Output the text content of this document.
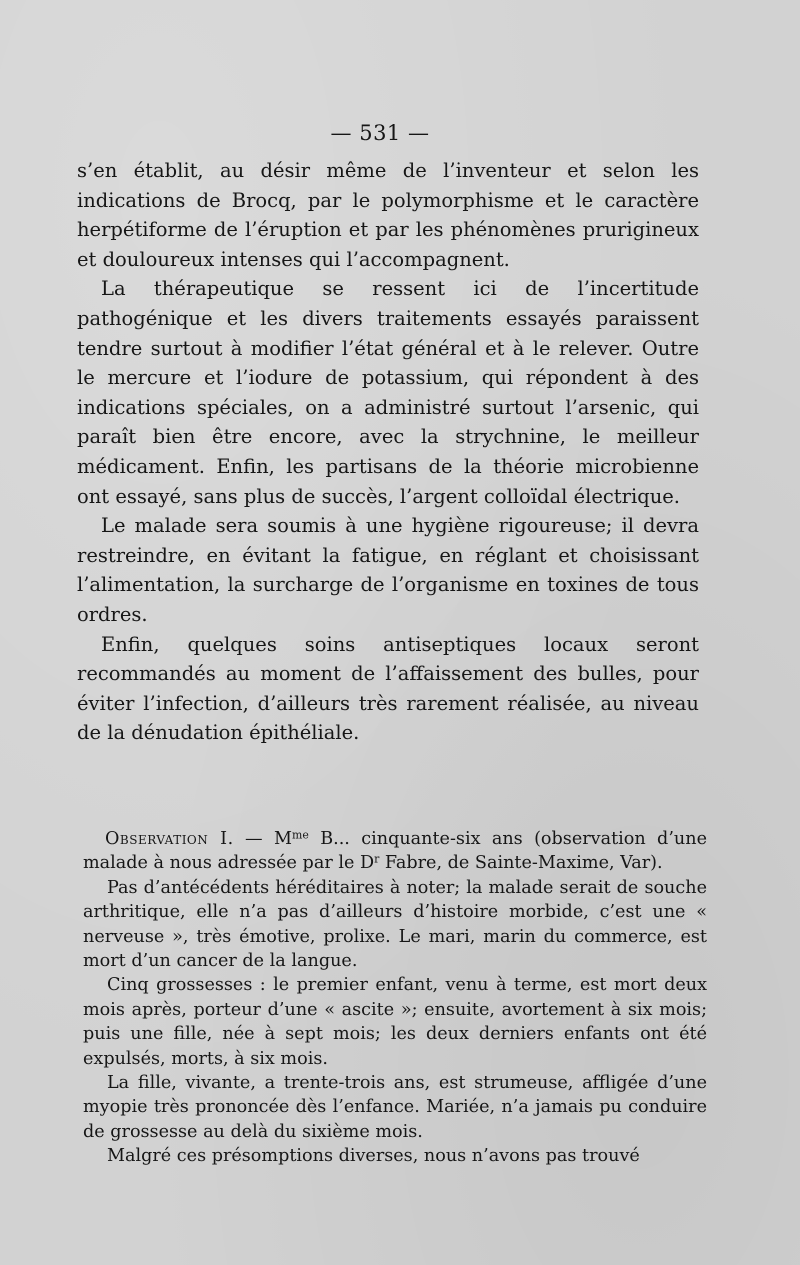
— 531 —

s’en établit, au désir même de l’inventeur et selon les indications de Brocq, par le polymorphisme et le caractère herpétiforme de l’éruption et par les phénomènes prurigineux et douloureux intenses qui l’accompagnent.

La thérapeutique se ressent ici de l’incertitude pathogénique et les divers traitements essayés paraissent tendre surtout à modifier l’état général et à le relever. Outre le mercure et l’iodure de potassium, qui répondent à des indications spéciales, on a administré surtout l’arsenic, qui paraît bien être encore, avec la strychnine, le meilleur médicament. Enfin, les partisans de la théorie microbienne ont essayé, sans plus de succès, l’argent colloïdal électrique.

Le malade sera soumis à une hygiène rigoureuse; il devra restreindre, en évitant la fatigue, en réglant et choisissant l’alimentation, la surcharge de l’organisme en toxines de tous ordres.

Enfin, quelques soins antiseptiques locaux seront recommandés au moment de l’affaissement des bulles, pour éviter l’infection, d’ailleurs très rarement réalisée, au niveau de la dénudation épithéliale.

Observation I. — $M^{me}$ B... cinquante-six ans (observation d’une malade à nous adressée par le $D^r$ Fabre, de Sainte-Maxime, Var).

Pas d’antécédents héréditaires à noter; la malade serait de souche arthritique, elle n’a pas d’ailleurs d’histoire morbide, c’est une « nerveuse », très émotive, prolixe. Le mari, marin du commerce, est mort d’un cancer de la langue.

Cinq grossesses : le premier enfant, venu à terme, est mort deux mois après, porteur d’une « ascite »; ensuite, avortement à six mois; puis une fille, née à sept mois; les deux derniers enfants ont été expulsés, morts, à six mois.

La fille, vivante, a trente-trois ans, est strumeuse, affligée d’une myopie très prononcée dès l’enfance. Mariée, n’a jamais pu conduire de grossesse au delà du sixième mois.

Malgré ces présomptions diverses, nous n’avons pas trouvé
